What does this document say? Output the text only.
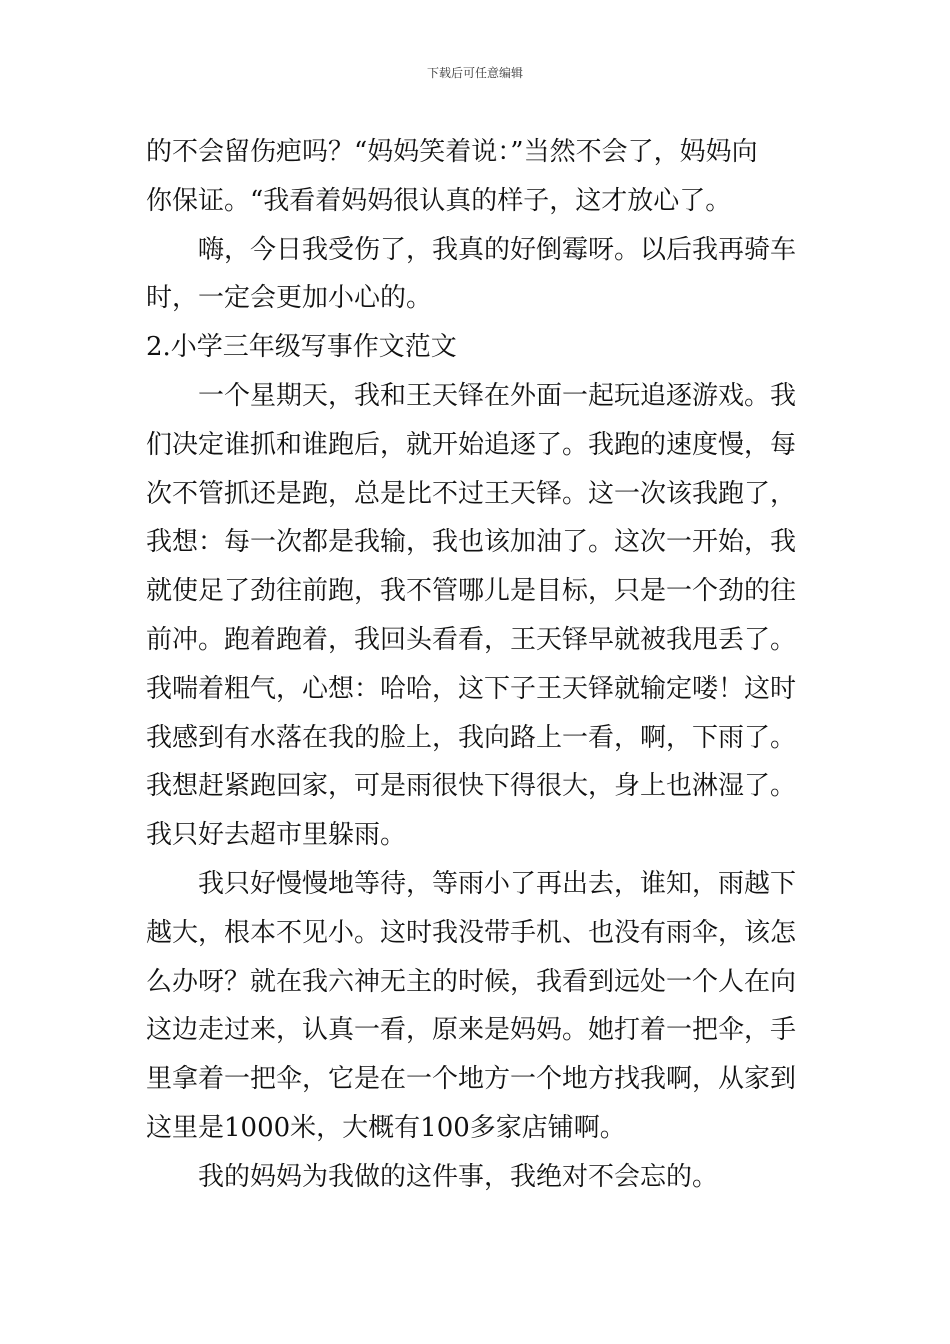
下载后可任意编辑
的不会留伤疤吗？“妈妈笑着说：”当然不会了，妈妈向
你保证。“我看着妈妈很认真的样子，这才放心了。
嗨，今日我受伤了，我真的好倒霉呀。以后我再骑车
时，一定会更加小心的。
2.小学三年级写事作文范文
一个星期天，我和王天铎在外面一起玩追逐游戏。我
们决定谁抓和谁跑后，就开始追逐了。我跑的速度慢，每
次不管抓还是跑，总是比不过王天铎。这一次该我跑了，
我想：每一次都是我输，我也该加油了。这次一开始，我
就使足了劲往前跑，我不管哪儿是目标，只是一个劲的往
前冲。跑着跑着，我回头看看，王天铎早就被我甩丢了。
我喘着粗气，心想：哈哈，这下子王天铎就输定喽！这时
我感到有水落在我的脸上，我向路上一看，啊，下雨了。
我想赶紧跑回家，可是雨很快下得很大，身上也淋湿了。
我只好去超市里躲雨。
我只好慢慢地等待，等雨小了再出去，谁知，雨越下
越大，根本不见小。这时我没带手机、也没有雨伞，该怎
么办呀？就在我六神无主的时候，我看到远处一个人在向
这边走过来，认真一看，原来是妈妈。她打着一把伞，手
里拿着一把伞，它是在一个地方一个地方找我啊，从家到
这里是1000米，大概有100多家店铺啊。
我的妈妈为我做的这件事，我绝对不会忘的。
